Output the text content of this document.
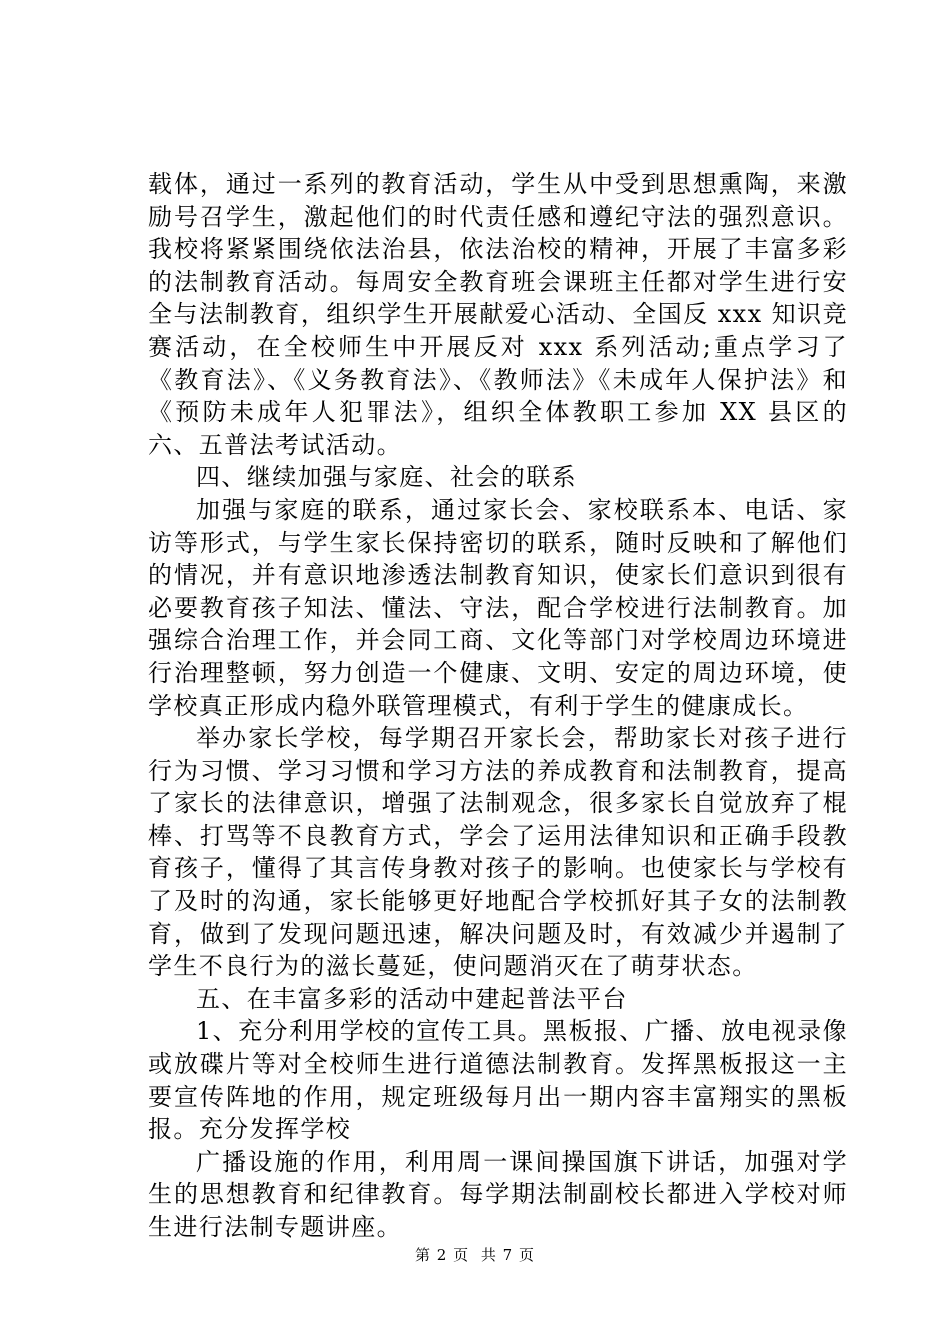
载体，通过一系列的教育活动，学生从中受到思想熏陶，来激励号召学生，激起他们的时代责任感和遵纪守法的强烈意识。我校将紧紧围绕依法治县，依法治校的精神，开展了丰富多彩的法制教育活动。每周安全教育班会课班主任都对学生进行安全与法制教育，组织学生开展献爱心活动、全国反 xxx 知识竞赛活动，在全校师生中开展反对 xxx 系列活动;重点学习了《教育法》、《义务教育法》、《教师法》《未成年人保护法》和《预防未成年人犯罪法》，组织全体教职工参加 XX 县区的六、五普法考试活动。

四、继续加强与家庭、社会的联系

加强与家庭的联系，通过家长会、家校联系本、电话、家访等形式，与学生家长保持密切的联系，随时反映和了解他们的情况，并有意识地渗透法制教育知识，使家长们意识到很有必要教育孩子知法、懂法、守法，配合学校进行法制教育。加强综合治理工作，并会同工商、文化等部门对学校周边环境进行治理整顿，努力创造一个健康、文明、安定的周边环境，使学校真正形成内稳外联管理模式，有利于学生的健康成长。

举办家长学校，每学期召开家长会，帮助家长对孩子进行行为习惯、学习习惯和学习方法的养成教育和法制教育，提高了家长的法律意识，增强了法制观念，很多家长自觉放弃了棍棒、打骂等不良教育方式，学会了运用法律知识和正确手段教育孩子，懂得了其言传身教对孩子的影响。也使家长与学校有了及时的沟通，家长能够更好地配合学校抓好其子女的法制教育，做到了发现问题迅速，解决问题及时，有效减少并遏制了学生不良行为的滋长蔓延，使问题消灭在了萌芽状态。

五、在丰富多彩的活动中建起普法平台

1、充分利用学校的宣传工具。黑板报、广播、放电视录像或放碟片等对全校师生进行道德法制教育。发挥黑板报这一主要宣传阵地的作用，规定班级每月出一期内容丰富翔实的黑板报。充分发挥学校

广播设施的作用，利用周一课间操国旗下讲话，加强对学生的思想教育和纪律教育。每学期法制副校长都进入学校对师生进行法制专题讲座。

第 2 页 共 7 页
